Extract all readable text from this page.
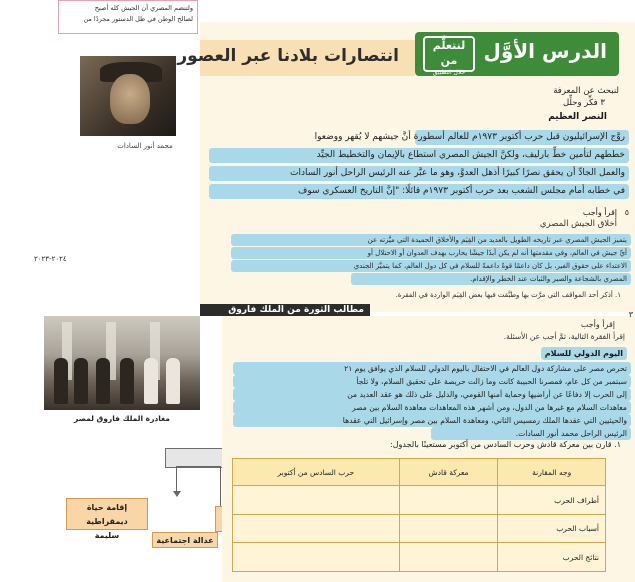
ولتنضم المصري أن الجيش كله أصبح
لصالح الوطن في ظل الدستور مجردًا من
محمد أنور السادات
٢٠٢٤-٢٠٢٣
انتصارات بلادنا عبر العصور	الدرس الأوَّل
لنتعلَّم من
خلال التطبيق
لنبحث عن المعرفة
٣ فكِّر وحلِّل
النصر العظيم
روَّج الإسرائيليون قبل حرب أكتوبر ١٩٧٣م للعالم أسطورة أنَّ جيشهم لا يُقهر ووضعوا
خططهم لتأمين خطِّ بارليف، ولكنَّ الجيش المصري استطاع بالإيمان والتخطيط الجيِّد
والعمل الجادِّ أن يحقق نصرًا كبيرًا أذهل العدوَّ، وهو ما عبَّر عنه الرئيس الراحل أنور السادات
في خطابه أمام مجلس الشعب بعد حرب أكتوبر ١٩٧٣م قائلًا: "إنَّ التاريخ العسكري سوف
٥
إقرأ وأجب
أخلاق الجيش المصري
يتميز الجيش المصري عبر تاريخه الطويل بالعديد من القِيَم والأخلاق الحميدة التي ميَّزته عن
أيِّ جيش في العالم، وفي مقدمتها أنه لم يكن أبدًا جيشًا يحارب بهدف العدوان أو الاحتلال أو
الاعتداء على حقوق الغير، بل كان داعمًا قوةً داعمةً للسلام في كل دول العالم، كما يتميَّز الجندي
المصري بالشجاعة والصبر والثبات عند الخطر والإقدام.
١. أذكر أحد المواقف التي مرَّت بها وطبَّقت فيها بعض القِيَم الواردة في الفقرة.
مطالب الثورة من الملك فاروق
مغادرة الملك فاروق لمصر
إقامة حياة ديمقراطية
سليمة
عدالة اجتماعية
٣
إقرأ وأجب
إقرأ الفقرة التالية، ثمَّ أجب عن الأسئلة.
اليوم الدولي للسلام
تحرص مصر على مشاركة دول العالم في الاحتفال باليوم الدولي للسلام الذي يوافق يوم ٢١
سبتمبر من كل عام، فمصرنا الحبيبة كانت وما زالت حريصة على تحقيق السلام، ولا تلجأ
إلى الحرب إلا دفاعًا عن أراضيها وحماية أمنها القومي، والدليل على ذلك هو عقد العديد من
معاهدات السلام مع غيرها من الدول، ومن أشهر هذه المعاهدات معاهدة السلام بين مصر
والحيثيين التي عقدها الملك رمسيس الثاني، ومعاهدة السلام بين مصر وإسرائيل التي عقدها
الرئيس الراحل محمد أنور السادات.
١. قارن بين معركة قادش وحرب السادس من أكتوبر مستعينًا بالجدول:
وجه المقارنة	معركة قادش	حرب السادس من أكتوبر
أطراف الحرب		
أسباب الحرب		
نتائج الحرب		
